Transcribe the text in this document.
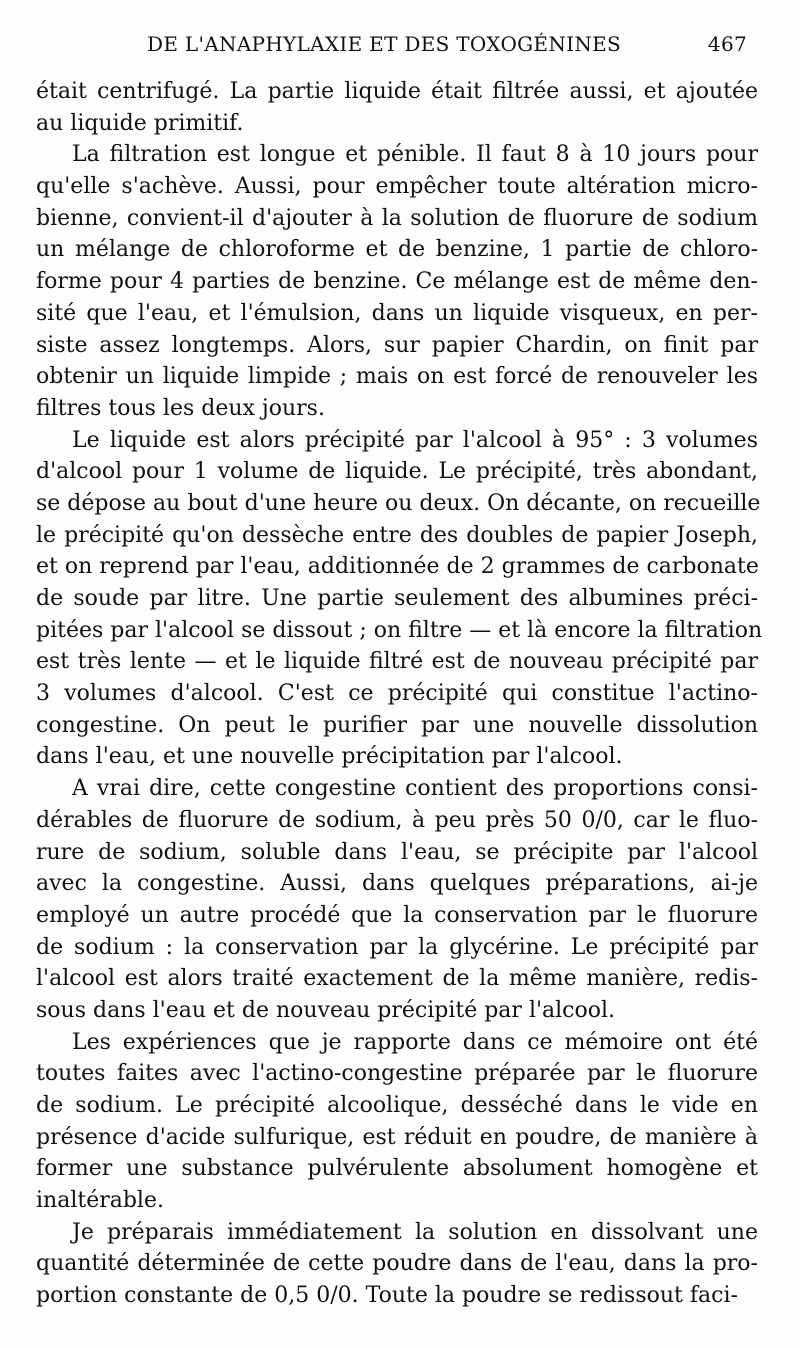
DE L'ANAPHYLAXIE ET DES TOXOGÉNINES	467
était centrifugé. La partie liquide était filtrée aussi, et ajoutée
au liquide primitif.
La filtration est longue et pénible. Il faut 8 à 10 jours pour
qu'elle s'achève. Aussi, pour empêcher toute altération micro-
bienne, convient-il d'ajouter à la solution de fluorure de sodium
un mélange de chloroforme et de benzine, 1 partie de chloro-
forme pour 4 parties de benzine. Ce mélange est de même den-
sité que l'eau, et l'émulsion, dans un liquide visqueux, en per-
siste assez longtemps. Alors, sur papier Chardin, on finit par
obtenir un liquide limpide ; mais on est forcé de renouveler les
filtres tous les deux jours.
Le liquide est alors précipité par l'alcool à 95° : 3 volumes
d'alcool pour 1 volume de liquide. Le précipité, très abondant,
se dépose au bout d'une heure ou deux. On décante, on recueille
le précipité qu'on dessèche entre des doubles de papier Joseph,
et on reprend par l'eau, additionnée de 2 grammes de carbonate
de soude par litre. Une partie seulement des albumines préci-
pitées par l'alcool se dissout ; on filtre — et là encore la filtration
est très lente — et le liquide filtré est de nouveau précipité par
3 volumes d'alcool. C'est ce précipité qui constitue l'actino-
congestine. On peut le purifier par une nouvelle dissolution
dans l'eau, et une nouvelle précipitation par l'alcool.
A vrai dire, cette congestine contient des proportions consi-
dérables de fluorure de sodium, à peu près 50 0/0, car le fluo-
rure de sodium, soluble dans l'eau, se précipite par l'alcool
avec la congestine. Aussi, dans quelques préparations, ai-je
employé un autre procédé que la conservation par le fluorure
de sodium : la conservation par la glycérine. Le précipité par
l'alcool est alors traité exactement de la même manière, redis-
sous dans l'eau et de nouveau précipité par l'alcool.
Les expériences que je rapporte dans ce mémoire ont été
toutes faites avec l'actino-congestine préparée par le fluorure
de sodium. Le précipité alcoolique, desséché dans le vide en
présence d'acide sulfurique, est réduit en poudre, de manière à
former une substance pulvérulente absolument homogène et
inaltérable.
Je préparais immédiatement la solution en dissolvant une
quantité déterminée de cette poudre dans de l'eau, dans la pro-
portion constante de 0,5 0/0. Toute la poudre se redissout faci-
